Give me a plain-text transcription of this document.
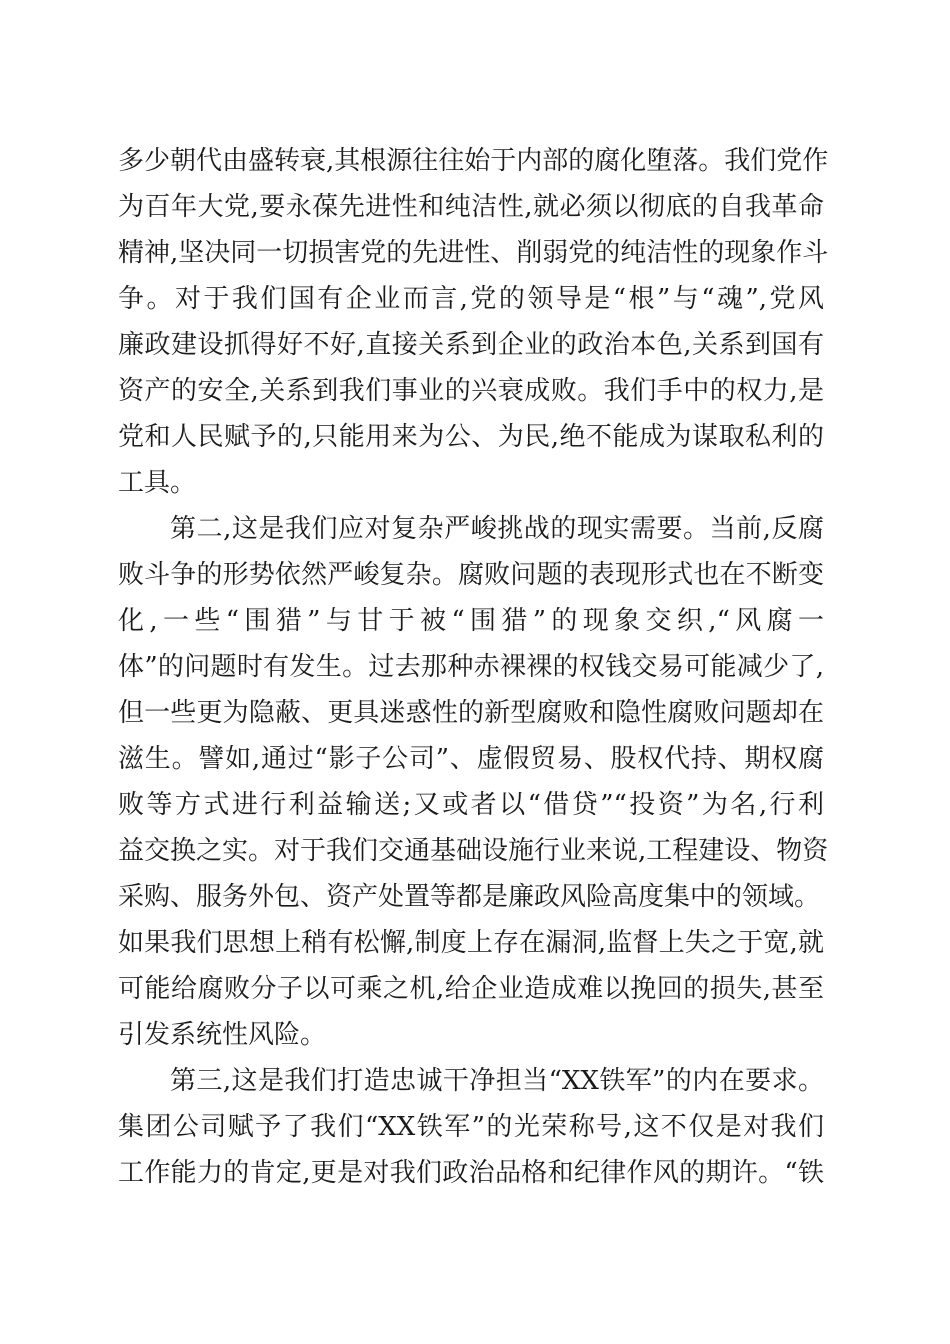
多少朝代由盛转衰,其根源往往始于内部的腐化堕落。我们党作
为百年大党,要永葆先进性和纯洁性,就必须以彻底的自我革命
精神,坚决同一切损害党的先进性、削弱党的纯洁性的现象作斗
争。对于我们国有企业而言,党的领导是“根”与“魂”,党风
廉政建设抓得好不好,直接关系到企业的政治本色,关系到国有
资产的安全,关系到我们事业的兴衰成败。我们手中的权力,是
党和人民赋予的,只能用来为公、为民,绝不能成为谋取私利的
工具。
第二,这是我们应对复杂严峻挑战的现实需要。当前,反腐
败斗争的形势依然严峻复杂。腐败问题的表现形式也在不断变
化,一些“围猎”与甘于被“围猎”的现象交织,“风腐一
体”的问题时有发生。过去那种赤裸裸的权钱交易可能减少了,
但一些更为隐蔽、更具迷惑性的新型腐败和隐性腐败问题却在
滋生。譬如,通过“影子公司”、虚假贸易、股权代持、期权腐
败等方式进行利益输送;又或者以“借贷”“投资”为名,行利
益交换之实。对于我们交通基础设施行业来说,工程建设、物资
采购、服务外包、资产处置等都是廉政风险高度集中的领域。
如果我们思想上稍有松懈,制度上存在漏洞,监督上失之于宽,就
可能给腐败分子以可乘之机,给企业造成难以挽回的损失,甚至
引发系统性风险。
第三,这是我们打造忠诚干净担当“XX铁军”的内在要求。
集团公司赋予了我们“XX铁军”的光荣称号,这不仅是对我们
工作能力的肯定,更是对我们政治品格和纪律作风的期许。“铁
